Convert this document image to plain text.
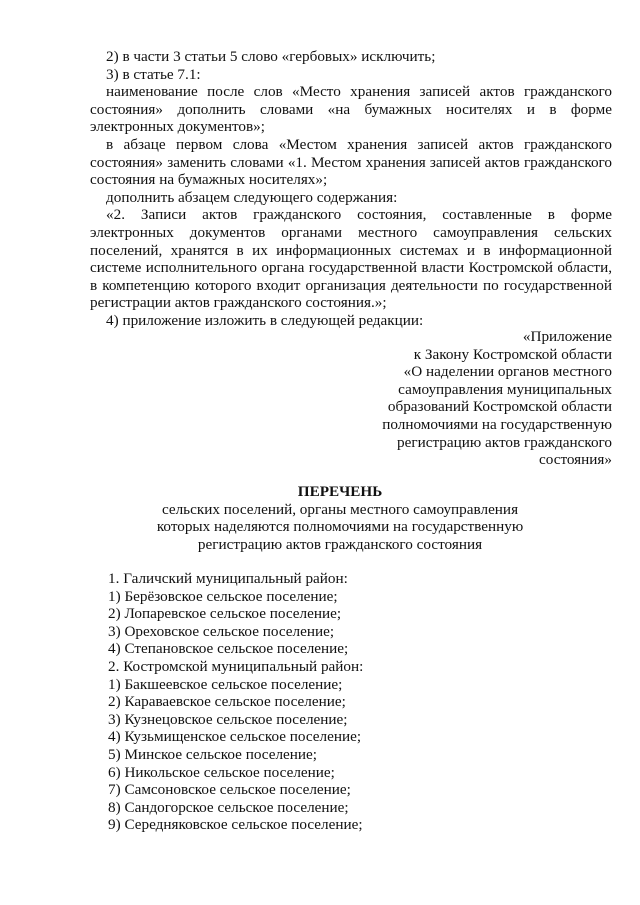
2) в части 3 статьи 5 слово «гербовых» исключить;

3) в статье 7.1:

наименование после слов «Место хранения записей актов гражданского состояния» дополнить словами «на бумажных носителях и в форме электронных документов»;

в абзаце первом слова «Местом хранения записей актов гражданского состояния» заменить словами «1. Местом хранения записей актов гражданского состояния на бумажных носителях»;

дополнить абзацем следующего содержания:

«2. Записи актов гражданского состояния, составленные в форме электронных документов органами местного самоуправления сельских поселений, хранятся в их информационных системах и в информационной системе исполнительного органа государственной власти Костромской области, в компетенцию которого входит организация деятельности по государственной регистрации актов гражданского состояния.»;

4) приложение изложить в следующей редакции:

«Приложение
к Закону Костромской области
«О наделении органов местного
самоуправления муниципальных
образований Костромской области
полномочиями на государственную
регистрацию актов гражданского
состояния»

ПЕРЕЧЕНЬ

сельских поселений, органы местного самоуправления

которых наделяются полномочиями на государственную

регистрацию актов гражданского состояния

1. Галичский муниципальный район:
1) Берёзовское сельское поселение;
2) Лопаревское сельское поселение;
3) Ореховское сельское поселение;
4) Степановское сельское поселение;
2. Костромской муниципальный район:
1) Бакшеевское сельское поселение;
2) Караваевское сельское поселение;
3) Кузнецовское сельское поселение;
4) Кузьмищенское сельское поселение;
5) Минское сельское поселение;
6) Никольское сельское поселение;
7) Самсоновское сельское поселение;
8) Сандогорское сельское поселение;
9) Середняковское сельское поселение;
